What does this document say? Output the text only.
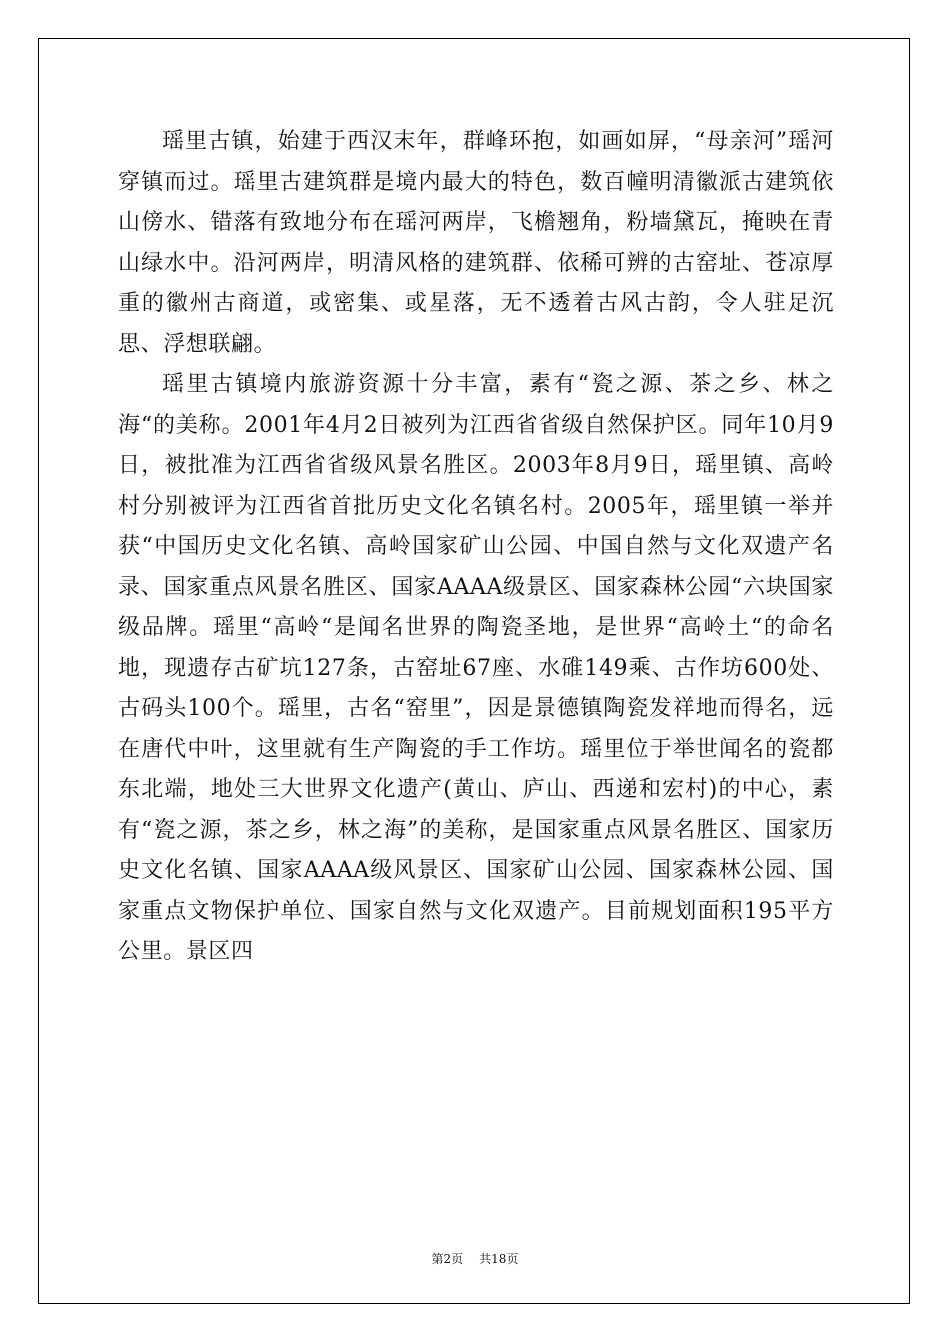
瑶里古镇，始建于西汉末年，群峰环抱，如画如屏，“母亲河”瑶河穿镇而过。瑶里古建筑群是境内最大的特色，数百幢明清徽派古建筑依山傍水、错落有致地分布在瑶河两岸，飞檐翘角，粉墙黛瓦，掩映在青山绿水中。沿河两岸，明清风格的建筑群、依稀可辨的古窑址、苍凉厚重的徽州古商道，或密集、或星落，无不透着古风古韵，令人驻足沉思、浮想联翩。

瑶里古镇境内旅游资源十分丰富，素有“瓷之源、茶之乡、林之海“的美称。2001年4月2日被列为江西省省级自然保护区。同年10月9日，被批准为江西省省级风景名胜区。2003年8月9日，瑶里镇、高岭村分别被评为江西省首批历史文化名镇名村。2005年，瑶里镇一举并获“中国历史文化名镇、高岭国家矿山公园、中国自然与文化双遗产名录、国家重点风景名胜区、国家AAAA级景区、国家森林公园“六块国家级品牌。瑶里“高岭“是闻名世界的陶瓷圣地，是世界“高岭土“的命名地，现遗存古矿坑127条，古窑址67座、水碓149乘、古作坊600处、古码头100个。瑶里，古名“窑里”，因是景德镇陶瓷发祥地而得名，远在唐代中叶，这里就有生产陶瓷的手工作坊。瑶里位于举世闻名的瓷都东北端，地处三大世界文化遗产(黄山、庐山、西递和宏村)的中心，素有“瓷之源，茶之乡，林之海”的美称，是国家重点风景名胜区、国家历史文化名镇、国家AAAA级风景区、国家矿山公园、国家森林公园、国家重点文物保护单位、国家自然与文化双遗产。目前规划面积195平方公里。景区四

第2页 共18页
